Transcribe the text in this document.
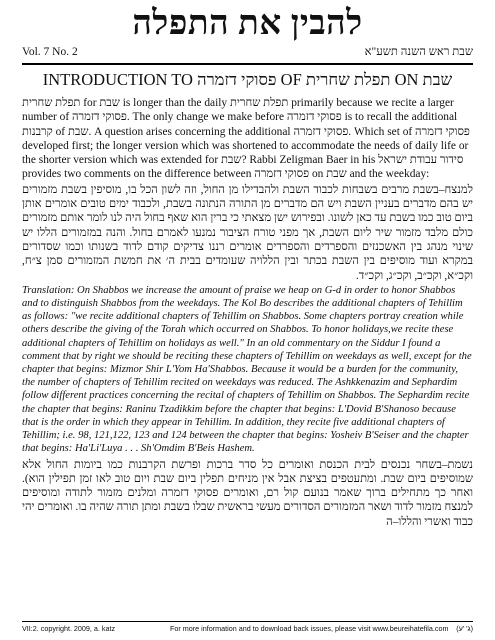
להבין את התפלה
Vol. 7 No. 2	שבת ראש השנה תשע"א
INTRODUCTION TO פסוקי דזמרה OF תפלת שחרית ON שבת

תפלת שחרית for שבת is longer than the daily תפלת שחרית primarily because we recite a larger number of פסוקי דזמרה. The only change we make before פסוקי דזמרה is to recall the additional קרבנות of שבת. A question arises concerning the additional פסוקי דזמרה. Which set of פסוקי דזמרה developed first; the longer version which was shortened to accommodate the needs of daily life or the shorter version which was extended for שבת? Rabbi Zeligman Baer in his סידור עבודת ישראל provides two comments on the difference between פסוקי דזמרה on שבת and the weekday:

למנצח–בשבת מרבים בשבחות לכבוד השבת ולהבדילו מן החול, וזה לשון הכל בו, מוסיפין בשבת מזמורים יש בהם מדברים בעניין השבת ויש הם מדברים מן התורה הנתונה בשבת, ולכבוד ימים טובים אומרים אותן ביום טוב כמו בשבת עד כאן לשונו. ובפירוש ישן מצאתי כי ברין הוא שאף בחול היה לנו לומר אותם מזמורים כולם מלבד מזמור שיר ליום השבת, אך מפני טורח הציבור נמנעו לאמרם בחול. והנה במזמורים הללו יש שינוי מנהג בין האשכנזים והספרדים והספרדים אומרים רננו צדיקים קודם לדוד בשנותו וכמו שסדורים במקרא ועוד מוסיפים בין השבת בכתר ובין הללויה שעומדים בבית ה׳ את חמשת המזמורים סמן צ״ח, וקכ״א, וקכ״ב, וקכ״ג, וקכ״ד.

Translation: On Shabbos we increase the amount of praise we heap on G-d in order to honor Shabbos and to distinguish Shabbos from the weekdays. The Kol Bo describes the additional chapters of Tehillim as follows: "we recite additional chapters of Tehillim on Shabbos. Some chapters portray creation while others describe the giving of the Torah which occurred on Shabbos. To honor holidays,we recite these additional chapters of Tehillim on holidays as well." In an old commentary on the Siddur I found a comment that by right we should be reciting these chapters of Tehillim on weekdays as well, except for the chapter that begins: Mizmor Shir L'Yom Ha'Shabbos. Because it would be a burden for the community, the number of chapters of Tehillim recited on weekdays was reduced. The Ashkkenazim and Sephardim follow different practices concerning the recital of chapters of Tehillim on Shabbos. The Sephardim recite the chapter that begins: Raninu Tzadikkim before the chapter that begins: L'Dovid B'Shanoso because that is the order in which they appear in Tehillim. In addition, they recite five additional chapters of Tehillim; i.e. 98, 121,122, 123 and 124 between the chapter that begins: Yosheiv B'Seiser and the chapter that begins: Ha'Li'Luya . . . Sh'Omdim B'Beis Hashem.

נשמת–בשחר נכנסים לבית הכנסת ואומרים כל סדר ברכות ופרשת הקרבנות כמו ביומות החול אלא שמוסיפים ביום שבת. ומתעטפים בציצת אבל אין מניחים תפלין ביום שבת ויום טוב לאו זמן תפילין הוא). ואחר כך מתחילים ברוך שאמר בנועם קול רם, ואומרים פסוקי דזמרה ומלנים מזמור לתודה ומוסיפים למנצח מזמור לדוד ושאר המזמורים הסדורים מעשי בראשית שבלו בשבת ומתן תורה שהיה בו. ואומרים יהי כבוד ואשרי והללו–ה

VII:2. copyright. 2009, a. katz	For more information and to download back issues, please visit www.beureihatefila.com (ג' 'ע)
